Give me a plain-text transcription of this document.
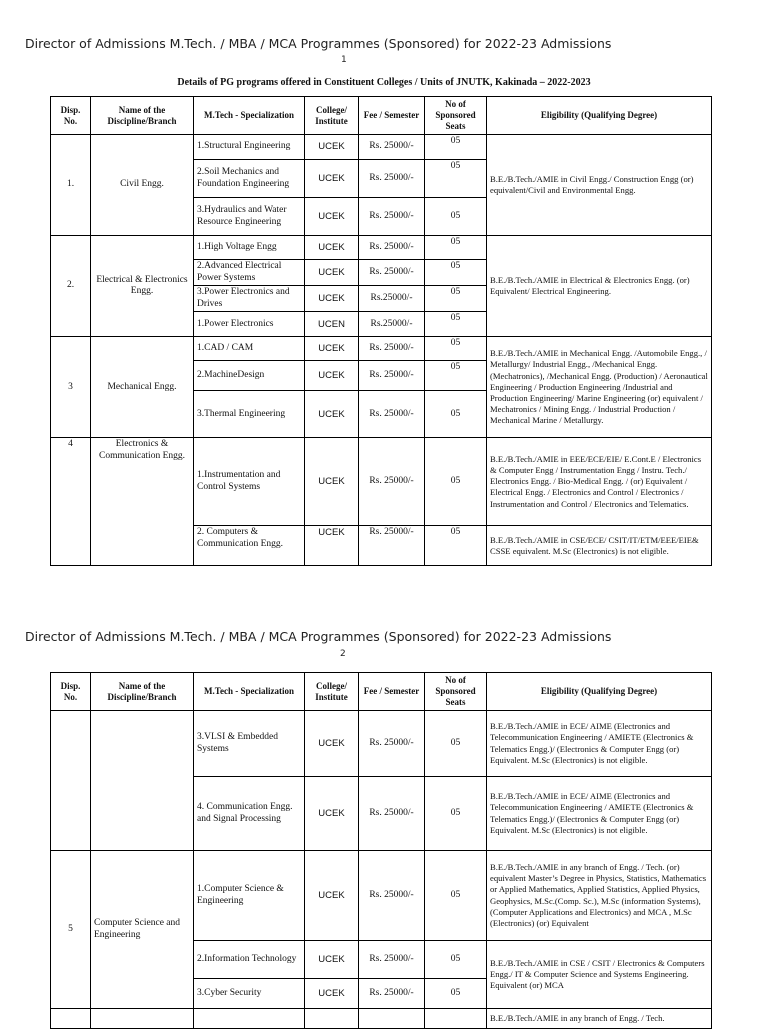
Director of Admissions M.Tech. / MBA / MCA Programmes (Sponsored) for 2022-23 Admissions
1
Details of PG programs offered in Constituent Colleges / Units of JNUTK, Kakinada – 2022-2023
Disp. No.	Name of the Discipline/Branch	M.Tech - Specialization	College/ Institute	Fee / Semester	No of Sponsored Seats	Eligibility (Qualifying Degree)
1.	Civil Engg.	1.Structural Engineering	UCEK	Rs. 25000/-	05	B.E./B.Tech./AMIE in Civil Engg./ Construction Engg (or) equivalent/Civil and Environmental Engg.
		2.Soil Mechanics and Foundation Engineering	UCEK	Rs. 25000/-	05	
		3.Hydraulics and Water Resource Engineering	UCEK	Rs. 25000/-	05	
2.	Electrical & Electronics Engg.	1.High Voltage Engg	UCEK	Rs. 25000/-	05	B.E./B.Tech./AMIE in Electrical & Electronics Engg. (or) Equivalent/ Electrical Engineering.
		2.Advanced Electrical Power Systems	UCEK	Rs. 25000/-	05	
		3.Power Electronics and Drives	UCEK	Rs.25000/-	05	
		1.Power Electronics	UCEN	Rs.25000/-	05	
3	Mechanical Engg.	1.CAD / CAM	UCEK	Rs. 25000/-	05	B.E./B.Tech./AMIE in Mechanical Engg. /Automobile Engg., / Metallurgy/ Industrial Engg., /Mechanical Engg. (Mechatronics), /Mechanical Engg. (Production) / Aeronautical Engineering / Production Engineering /Industrial and Production Engineering/ Marine Engineering (or) equivalent / Mechatronics / Mining Engg. / Industrial Production / Mechanical Marine / Metallurgy.
		2.MachineDesign	UCEK	Rs. 25000/-	05	
		3.Thermal Engineering	UCEK	Rs. 25000/-	05	
4	Electronics & Communication Engg.	1.Instrumentation and Control Systems	UCEK	Rs. 25000/-	05	B.E./B.Tech./AMIE in EEE/ECE/EIE/ E.Cont.E / Electronics & Computer Engg / Instrumentation Engg / Instru. Tech./ Electronics Engg. / Bio-Medical Engg. / (or) Equivalent / Electrical Engg. / Electronics and Control / Electronics / Instrumentation and Control / Electronics and Telematics.
		2. Computers & Communication Engg.	UCEK	Rs. 25000/-	05	B.E./B.Tech./AMIE in CSE/ECE/ CSIT/IT/ETM/EEE/EIE& CSSE equivalent. M.Sc (Electronics) is not eligible.
Director of Admissions M.Tech. / MBA / MCA Programmes (Sponsored) for 2022-23 Admissions
2
Disp. No.	Name of the Discipline/Branch	M.Tech - Specialization	College/ Institute	Fee / Semester	No of Sponsored Seats	Eligibility (Qualifying Degree)
		3.VLSI & Embedded Systems	UCEK	Rs. 25000/-	05	B.E./B.Tech./AMIE in ECE/ AIME (Electronics and Telecommunication Engineering / AMIETE (Electronics & Telematics Engg.)/ (Electronics & Computer Engg (or) Equivalent. M.Sc (Electronics) is not eligible.
		4. Communication Engg. and Signal Processing	UCEK	Rs. 25000/-	05	B.E./B.Tech./AMIE in ECE/ AIME (Electronics and Telecommunication Engineering / AMIETE (Electronics & Telematics Engg.)/ (Electronics & Computer Engg (or) Equivalent. M.Sc (Electronics) is not eligible.
5	Computer Science and Engineering	1.Computer Science & Engineering	UCEK	Rs. 25000/-	05	B.E./B.Tech./AMIE in any branch of Engg. / Tech. (or) equivalent Master’s Degree in Physics, Statistics, Mathematics or Applied Mathematics, Applied Statistics, Applied Physics, Geophysics, M.Sc.(Comp. Sc.), M.Sc (information Systems), (Computer Applications and Electronics) and MCA , M.Sc (Electronics) (or) Equivalent
		2.Information Technology	UCEK	Rs. 25000/-	05	B.E./B.Tech./AMIE in CSE / CSIT / Electronics & Computers Engg./ IT & Computer Science and Systems Engineering. Equivalent (or) MCA
		3.Cyber Security	UCEK	Rs. 25000/-	05	
						B.E./B.Tech./AMIE in any branch of Engg. / Tech.
